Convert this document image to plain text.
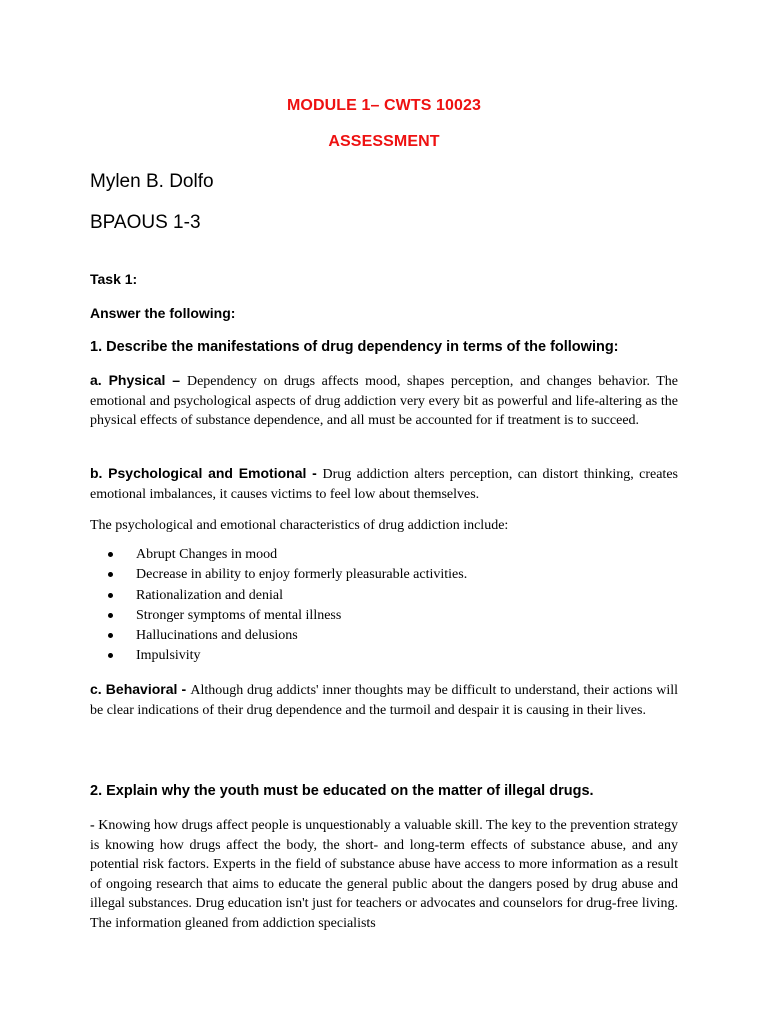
MODULE 1– CWTS 10023
ASSESSMENT
Mylen B. Dolfo
BPAOUS 1-3
Task 1:
Answer the following:
1. Describe the manifestations of drug dependency in terms of the following:
a. Physical – Dependency on drugs affects mood, shapes perception, and changes behavior. The emotional and psychological aspects of drug addiction very every bit as powerful and life-altering as the physical effects of substance dependence, and all must be accounted for if treatment is to succeed.
b. Psychological and Emotional - Drug addiction alters perception, can distort thinking, creates emotional imbalances, it causes victims to feel low about themselves.
The psychological and emotional characteristics of drug addiction include:
Abrupt Changes in mood
Decrease in ability to enjoy formerly pleasurable activities.
Rationalization and denial
Stronger symptoms of mental illness
Hallucinations and delusions
Impulsivity
c. Behavioral - Although drug addicts' inner thoughts may be difficult to understand, their actions will be clear indications of their drug dependence and the turmoil and despair it is causing in their lives.
2. Explain why the youth must be educated on the matter of illegal drugs.
- Knowing how drugs affect people is unquestionably a valuable skill. The key to the prevention strategy is knowing how drugs affect the body, the short- and long-term effects of substance abuse, and any potential risk factors. Experts in the field of substance abuse have access to more information as a result of ongoing research that aims to educate the general public about the dangers posed by drug abuse and illegal substances. Drug education isn't just for teachers or advocates and counselors for drug-free living. The information gleaned from addiction specialists
